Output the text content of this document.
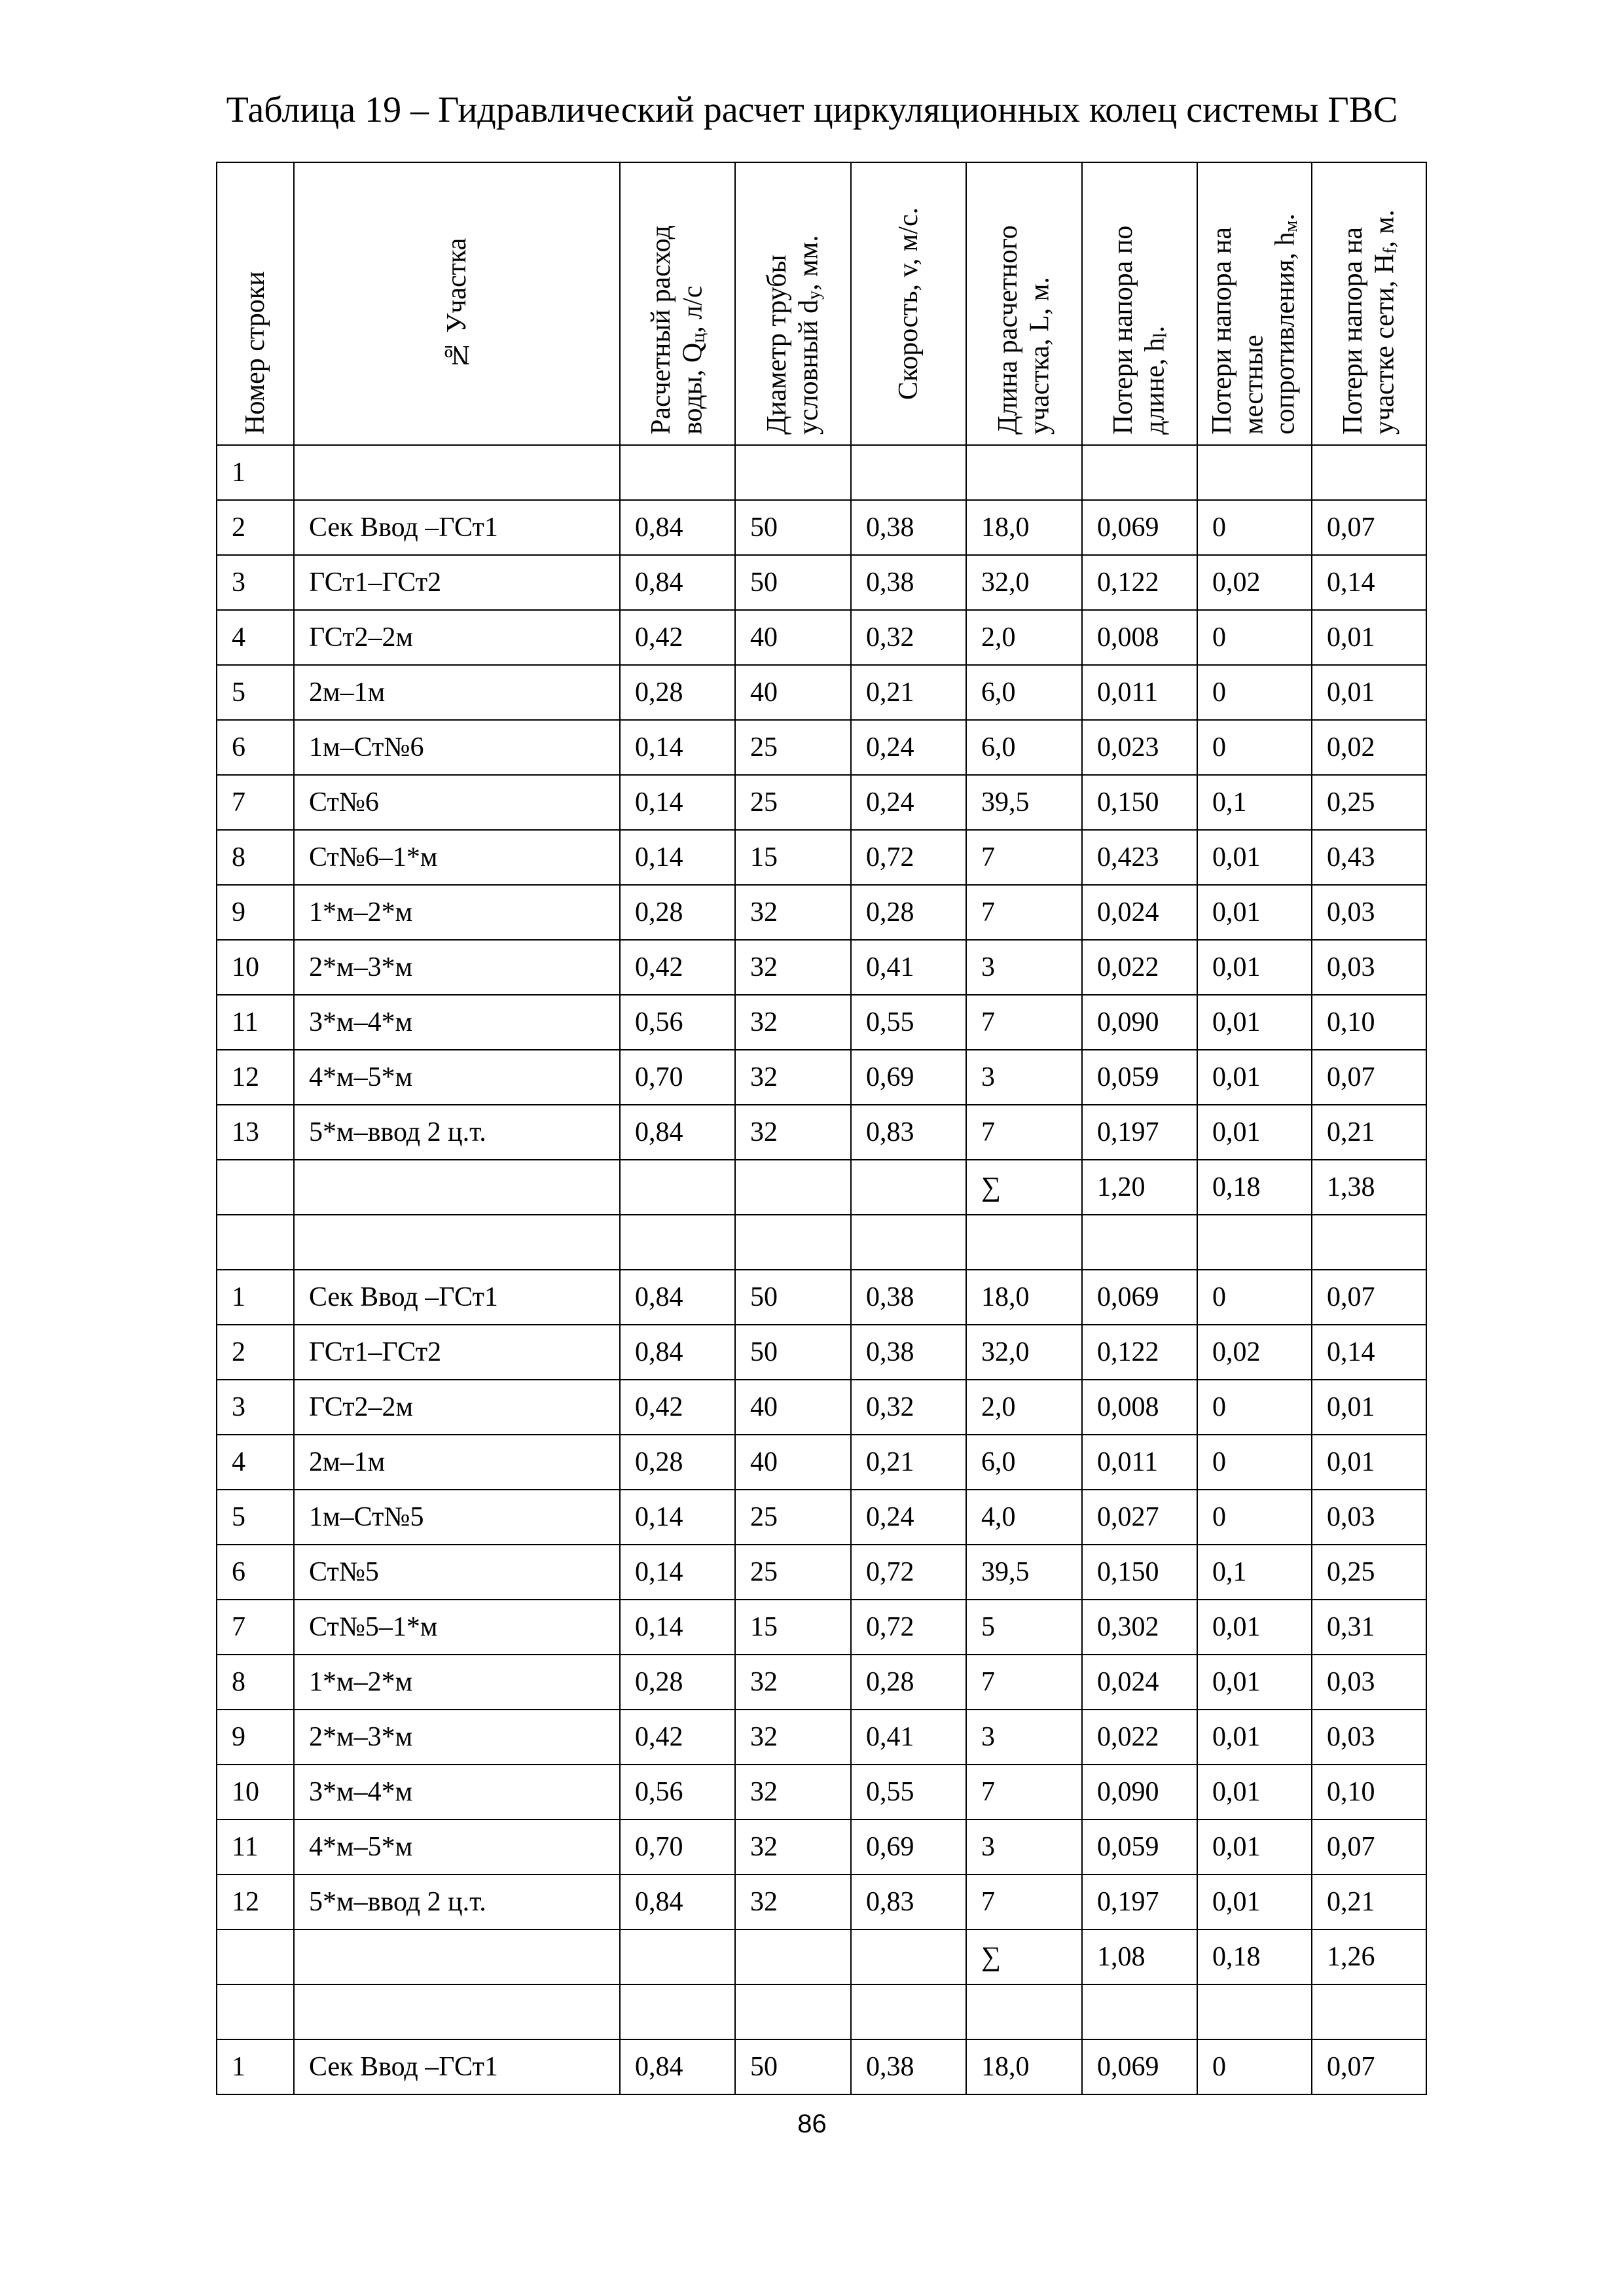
Таблица 19 – Гидравлический расчет циркуляционных колец системы ГВС
Номер строки	№ Участка	Расчетный расход воды, $Q_ц$, л/с	Диаметр трубы условный $d_у$, мм.	Скорость, v, м/с.	Длина расчетного участка, L, м.	Потери напора по длине, $h_l$.	Потери напора на местные сопротивления, $h_м$.	Потери напора на участке сети, $H_f$, м.

1								
2	Сек Ввод –ГСт1	0,84	50	0,38	18,0	0,069	0	0,07
3	ГСт1–ГСт2	0,84	50	0,38	32,0	0,122	0,02	0,14
4	ГСт2–2м	0,42	40	0,32	2,0	0,008	0	0,01
5	2м–1м	0,28	40	0,21	6,0	0,011	0	0,01
6	1м–Ст№6	0,14	25	0,24	6,0	0,023	0	0,02
7	Ст№6	0,14	25	0,24	39,5	0,150	0,1	0,25
8	Ст№6–1*м	0,14	15	0,72	7	0,423	0,01	0,43
9	1*м–2*м	0,28	32	0,28	7	0,024	0,01	0,03
10	2*м–3*м	0,42	32	0,41	3	0,022	0,01	0,03
11	3*м–4*м	0,56	32	0,55	7	0,090	0,01	0,10
12	4*м–5*м	0,70	32	0,69	3	0,059	0,01	0,07
13	5*м–ввод 2 ц.т.	0,84	32	0,83	7	0,197	0,01	0,21
					∑	1,20	0,18	1,38

1	Сек Ввод –ГСт1	0,84	50	0,38	18,0	0,069	0	0,07
2	ГСт1–ГСт2	0,84	50	0,38	32,0	0,122	0,02	0,14
3	ГСт2–2м	0,42	40	0,32	2,0	0,008	0	0,01
4	2м–1м	0,28	40	0,21	6,0	0,011	0	0,01
5	1м–Ст№5	0,14	25	0,24	4,0	0,027	0	0,03
6	Ст№5	0,14	25	0,72	39,5	0,150	0,1	0,25
7	Ст№5–1*м	0,14	15	0,72	5	0,302	0,01	0,31
8	1*м–2*м	0,28	32	0,28	7	0,024	0,01	0,03
9	2*м–3*м	0,42	32	0,41	3	0,022	0,01	0,03
10	3*м–4*м	0,56	32	0,55	7	0,090	0,01	0,10
11	4*м–5*м	0,70	32	0,69	3	0,059	0,01	0,07
12	5*м–ввод 2 ц.т.	0,84	32	0,83	7	0,197	0,01	0,21
					∑	1,08	0,18	1,26

1	Сек Ввод –ГСт1	0,84	50	0,38	18,0	0,069	0	0,07
86
